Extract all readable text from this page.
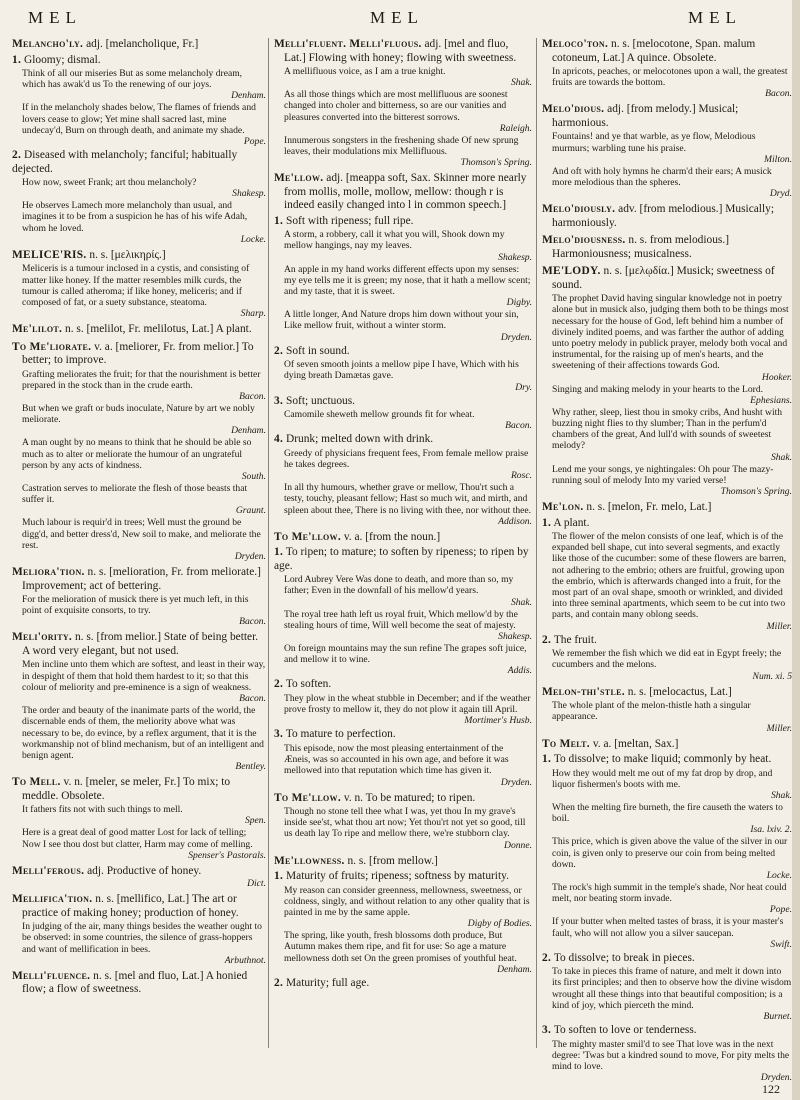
MEL	MEL	MEL

Melancho'ly. adj. [melancholique, Fr.]

1. Gloomy; dismal.

Think of all our miseries But as some melancholy dream, which has awak'd us To the renewing of our joys.

Denham.

If in the melancholy shades below, The flames of friends and lovers cease to glow; Yet mine shall sacred last, mine undecay'd, Burn on through death, and animate my shade.

Pope.

2. Diseased with melancholy; fanciful; habitually dejected.

How now, sweet Frank; art thou melancholy?

Shakesp.

He observes Lamech more melancholy than usual, and imagines it to be from a suspicion he has of his wife Adah, whom he loved.

Locke.

MELICE'RIS. n. s. [μελικηρίς.]

Meliceris is a tumour inclosed in a cystis, and consisting of matter like honey. If the matter resembles milk curds, the tumour is called atheroma; if like honey, meliceris; and if composed of fat, or a suety substance, steatoma.

Sharp.

Me'lilot. n. s. [melilot, Fr. melilotus, Lat.] A plant.

To Me'liorate. v. a. [meliorer, Fr. from melior.] To better; to improve.

Grafting meliorates the fruit; for that the nourishment is better prepared in the stock than in the crude earth.

Bacon.

But when we graft or buds inoculate, Nature by art we nobly meliorate.

Denham.

A man ought by no means to think that he should be able so much as to alter or meliorate the humour of an ungrateful person by any acts of kindness.

South.

Castration serves to meliorate the flesh of those beasts that suffer it.

Graunt.

Much labour is requir'd in trees; Well must the ground be digg'd, and better dress'd, New soil to make, and meliorate the rest.

Dryden.

Meliora'tion. n. s. [melioration, Fr. from meliorate.] Improvement; act of bettering.

For the melioration of musick there is yet much left, in this point of exquisite consorts, to try.

Bacon.

Meli'ority. n. s. [from melior.] State of being better. A word very elegant, but not used.

Men incline unto them which are softest, and least in their way, in despight of them that hold them hardest to it; so that this colour of meliority and pre-eminence is a sign of weakness.

Bacon.

The order and beauty of the inanimate parts of the world, the discernable ends of them, the meliority above what was necessary to be, do evince, by a reflex argument, that it is the workmanship not of blind mechanism, but of an intelligent and benign agent.

Bentley.

To Mell. v. n. [meler, se meler, Fr.] To mix; to meddle. Obsolete.

It fathers fits not with such things to mell.

Spen.

Here is a great deal of good matter Lost for lack of telling; Now I see thou dost but clatter, Harm may come of melling.

Spenser's Pastorals.

Melli'ferous. adj. Productive of honey.

Dict.

Mellifica'tion. n. s. [mellifico, Lat.] The art or practice of making honey; production of honey.

In judging of the air, many things besides the weather ought to be observed: in some countries, the silence of grass-hoppers and want of mellification in bees.

Arbuthnot.

Melli'fluence. n. s. [mel and fluo, Lat.] A honied flow; a flow of sweetness.

Melli'fluent. Melli'fluous. adj. [mel and fluo, Lat.] Flowing with honey; flowing with sweetness.

A mellifluous voice, as I am a true knight.

Shak.

As all those things which are most mellifluous are soonest changed into choler and bitterness, so are our vanities and pleasures converted into the bitterest sorrows.

Raleigh.

Innumerous songsters in the freshening shade Of new sprung leaves, their modulations mix Mellifluous.

Thomson's Spring.

Me'llow. adj. [meappa soft, Sax. Skinner more nearly from mollis, molle, mollow, mellow: though r is indeed easily changed into l in common speech.]

1. Soft with ripeness; full ripe.

A storm, a robbery, call it what you will, Shook down my mellow hangings, nay my leaves.

Shakesp.

An apple in my hand works different effects upon my senses: my eye tells me it is green; my nose, that it hath a mellow scent; and my taste, that it is sweet.

Digby.

A little longer, And Nature drops him down without your sin, Like mellow fruit, without a winter storm.

Dryden.

2. Soft in sound.

Of seven smooth joints a mellow pipe I have, Which with his dying breath Damætas gave.

Dry.

3. Soft; unctuous.

Camomile sheweth mellow grounds fit for wheat.

Bacon.

4. Drunk; melted down with drink.

Greedy of physicians frequent fees, From female mellow praise he takes degrees.

Rosc.

In all thy humours, whether grave or mellow, Thou'rt such a testy, touchy, pleasant fellow; Hast so much wit, and mirth, and spleen about thee, There is no living with thee, nor without thee.

Addison.

To Me'llow. v. a. [from the noun.]

1. To ripen; to mature; to soften by ripeness; to ripen by age.

Lord Aubrey Vere Was done to death, and more than so, my father; Even in the downfall of his mellow'd years.

Shak.

The royal tree hath left us royal fruit, Which mellow'd by the stealing hours of time, Will well become the seat of majesty.

Shakesp.

On foreign mountains may the sun refine The grapes soft juice, and mellow it to wine.

Addis.

2. To soften.

They plow in the wheat stubble in December; and if the weather prove frosty to mellow it, they do not plow it again till April.

Mortimer's Husb.

3. To mature to perfection.

This episode, now the most pleasing entertainment of the Æneis, was so accounted in his own age, and before it was mellowed into that reputation which time has given it.

Dryden.

To Me'llow. v. n. To be matured; to ripen.

Though no stone tell thee what I was, yet thou In my grave's inside see'st, what thou art now; Yet thou'rt not yet so good, till us death lay To ripe and mellow there, we're stubborn clay.

Donne.

Me'llowness. n. s. [from mellow.]

1. Maturity of fruits; ripeness; softness by maturity.

My reason can consider greenness, mellowness, sweetness, or coldness, singly, and without relation to any other quality that is painted in me by the same apple.

Digby of Bodies.

The spring, like youth, fresh blossoms doth produce, But Autumn makes them ripe, and fit for use: So age a mature mellowness doth set On the green promises of youthful heat.

Denham.

2. Maturity; full age.

Meloco'ton. n. s. [melocotone, Span. malum cotoneum, Lat.] A quince. Obsolete.

In apricots, peaches, or melocotones upon a wall, the greatest fruits are towards the bottom.

Bacon.

Melo'dious. adj. [from melody.] Musical; harmonious.

Fountains! and ye that warble, as ye flow, Melodious murmurs; warbling tune his praise.

Milton.

And oft with holy hymns he charm'd their ears; A musick more melodious than the spheres.

Dryd.

Melo'diously. adv. [from melodious.] Musically; harmoniously.

Melo'diousness. n. s. from melodious.] Harmoniousness; musicalness.

ME'LODY. n. s. [μελῳδία.] Musick; sweetness of sound.

The prophet David having singular knowledge not in poetry alone but in musick also, judging them both to be things most necessary for the house of God, left behind him a number of divinely indited poems, and was farther the author of adding unto poetry melody in publick prayer, melody both vocal and instrumental, for the raising up of men's hearts, and the sweetening of their affections towards God.

Hooker.

Singing and making melody in your hearts to the Lord.

Ephesians.

Why rather, sleep, liest thou in smoky cribs, And husht with buzzing night flies to thy slumber; Than in the perfum'd chambers of the great, And lull'd with sounds of sweetest melody?

Shak.

Lend me your songs, ye nightingales: Oh pour The mazy-running soul of melody Into my varied verse!

Thomson's Spring.

Me'lon. n. s. [melon, Fr. melo, Lat.]

1. A plant.

The flower of the melon consists of one leaf, which is of the expanded bell shape, cut into several segments, and exactly like those of the cucumber: some of these flowers are barren, not adhering to the embrio; others are fruitful, growing upon the embrio, which is afterwards changed into a fruit, for the most part of an oval shape, smooth or wrinkled, and divided into three seminal apartments, which seem to be cut into two parts, and contain many oblong seeds.

Miller.

2. The fruit.

We remember the fish which we did eat in Egypt freely; the cucumbers and the melons.

Num. xi. 5

Melon-thi'stle. n. s. [melocactus, Lat.]

The whole plant of the melon-thistle hath a singular appearance.

Miller.

To Melt. v. a. [meltan, Sax.]

1. To dissolve; to make liquid; commonly by heat.

How they would melt me out of my fat drop by drop, and liquor fishermen's boots with me.

Shak.

When the melting fire burneth, the fire causeth the waters to boil.

Isa. lxiv. 2.

This price, which is given above the value of the silver in our coin, is given only to preserve our coin from being melted down.

Locke.

The rock's high summit in the temple's shade, Nor heat could melt, nor beating storm invade.

Pope.

If your butter when melted tastes of brass, it is your master's fault, who will not allow you a silver saucepan.

Swift.

2. To dissolve; to break in pieces.

To take in pieces this frame of nature, and melt it down into its first principles; and then to observe how the divine wisdom wrought all these things into that beautiful composition; is a kind of joy, which pierceth the mind.

Burnet.

3. To soften to love or tenderness.

The mighty master smil'd to see That love was in the next degree: 'Twas but a kindred sound to move, For pity melts the mind to love.

Dryden.

122
